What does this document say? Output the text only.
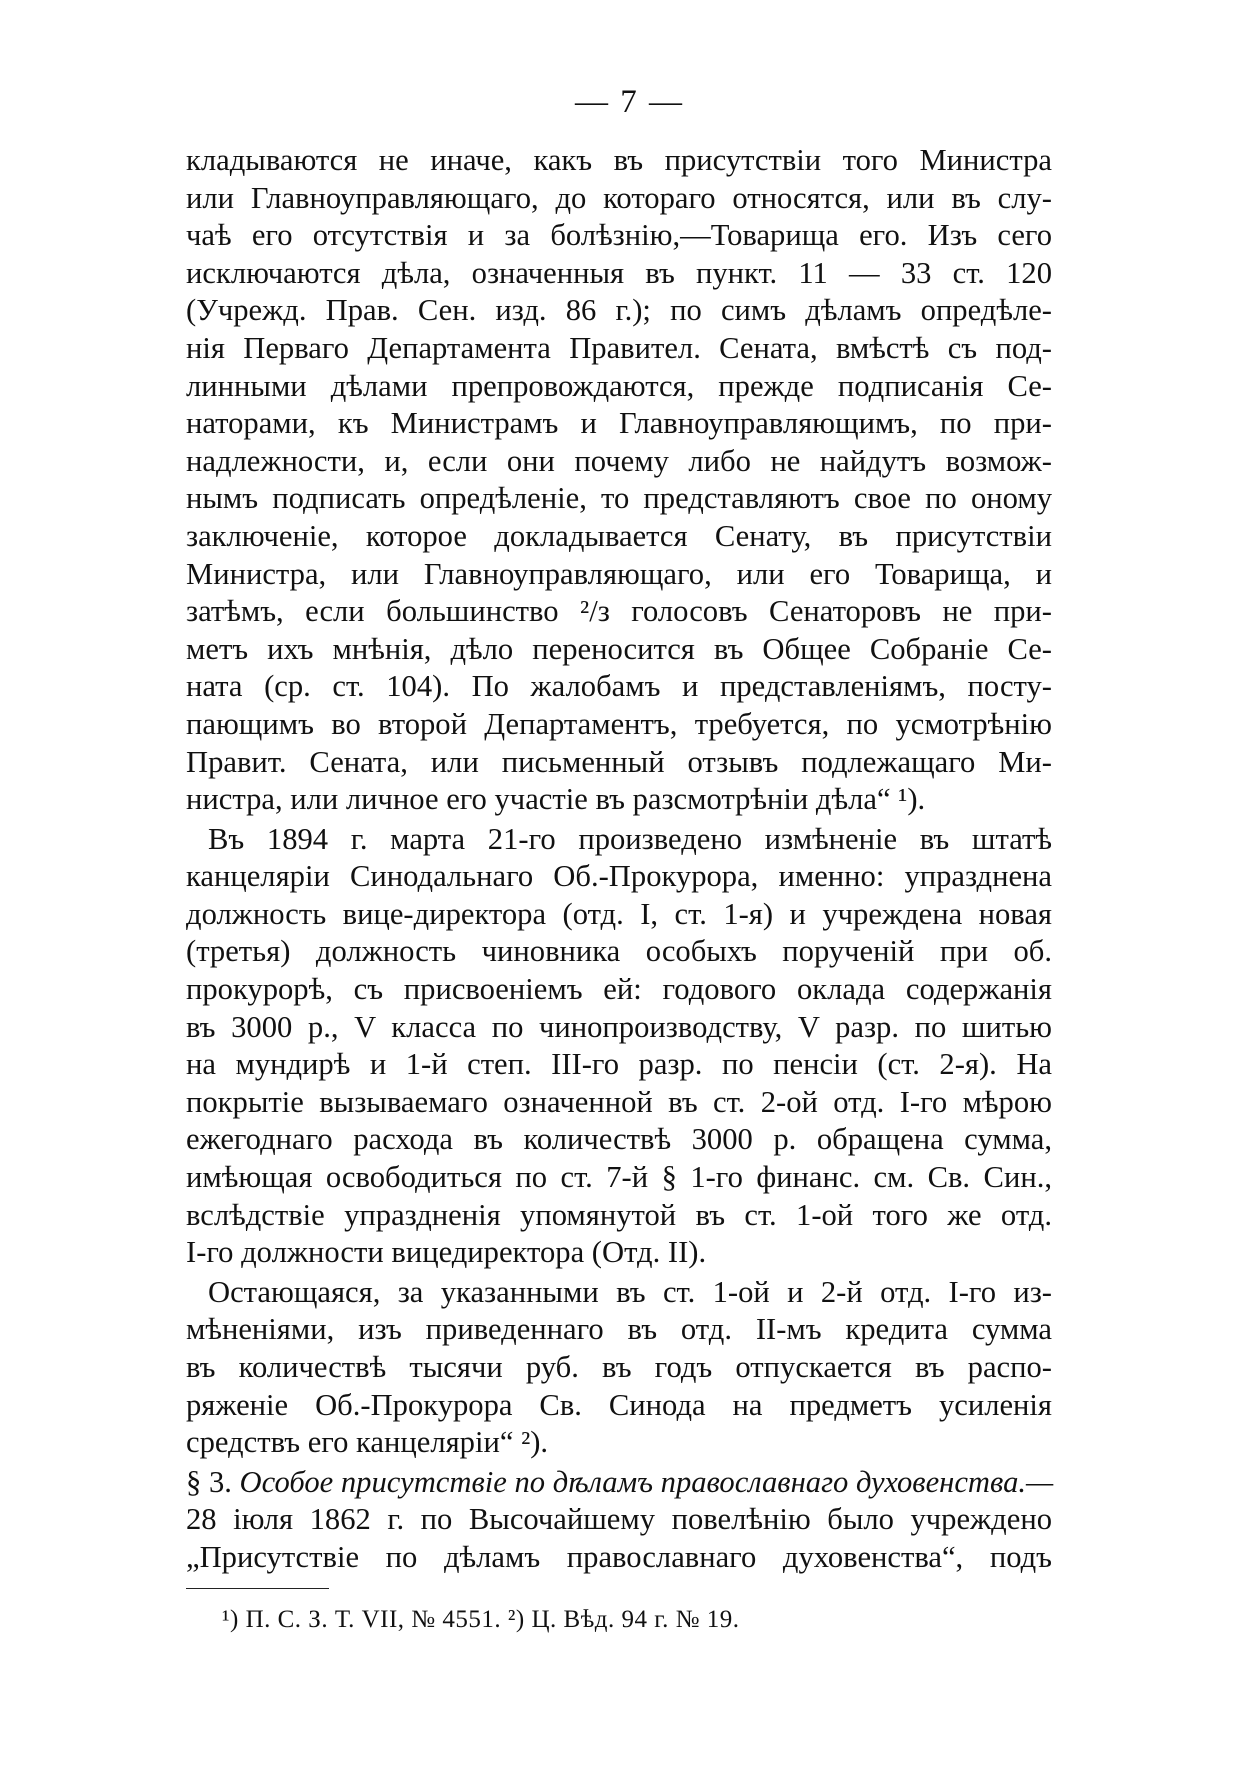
— 7 —
кладываются не иначе, какъ въ присутствіи того Министра
или Главноуправляющаго, до котораго относятся, или въ слу-
чаѣ его отсутствія и за болѣзнію,—Товарища его. Изъ сего
исключаются дѣла, означенныя въ пункт. 11 — 33 ст. 120
(Учрежд. Прав. Сен. изд. 86 г.); по симъ дѣламъ опредѣле-
нія Перваго Департамента Правител. Сената, вмѣстѣ съ под-
линными дѣлами препровождаются, прежде подписанія Се-
наторами, къ Министрамъ и Главноуправляющимъ, по при-
надлежности, и, если они почему либо не найдутъ возмож-
нымъ подписать опредѣленіе, то представляютъ свое по оному
заключеніе, которое докладывается Сенату, въ присутствіи
Министра, или Главноуправляющаго, или его Товарища, и
затѣмъ, если большинство ²/з голосовъ Сенаторовъ не при-
метъ ихъ мнѣнія, дѣло переносится въ Общее Собраніе Се-
ната (ср. ст. 104). По жалобамъ и представленіямъ, посту-
пающимъ во второй Департаментъ, требуется, по усмотрѣнію
Правит. Сената, или письменный отзывъ подлежащаго Ми-
нистра, или личное его участіе въ разсмотрѣніи дѣла“ ¹).
Въ 1894 г. марта 21-го произведено измѣненіе въ штатѣ
канцеляріи Синодальнаго Об.-Прокурора, именно: упразднена
должность вице-директора (отд. I, ст. 1-я) и учреждена новая
(третья) должность чиновника особыхъ порученій при об.
прокурорѣ, съ присвоеніемъ ей: годового оклада содержанія
въ 3000 р., V класса по чинопроизводству, V разр. по шитью
на мундирѣ и 1-й степ. III-го разр. по пенсіи (ст. 2-я). На
покрытіе вызываемаго означенной въ ст. 2-ой отд. I-го мѣрою
ежегоднаго расхода въ количествѣ 3000 р. обращена сумма,
имѣющая освободиться по ст. 7-й § 1-го финанс. см. Св. Син.,
вслѣдствіе упраздненія упомянутой въ ст. 1-ой того же отд.
I-го должности вицедиректора (Отд. II).
Остающаяся, за указанными въ ст. 1-ой и 2-й отд. I-го из-
мѣненіями, изъ приведеннаго въ отд. II-мъ кредита сумма
въ количествѣ тысячи руб. въ годъ отпускается въ распо-
ряженіе Об.-Прокурора Св. Синода на предметъ усиленія
средствъ его канцеляріи“ ²).
§ 3. Особое присутствіе по дѣламъ православнаго духовенства.—
28 іюля 1862 г. по Высочайшему повелѣнію было учреждено
„Присутствіе по дѣламъ православнаго духовенства“, подъ
¹) П. С. З. Т. VII, № 4551. ²) Ц. Вѣд. 94 г. № 19.
